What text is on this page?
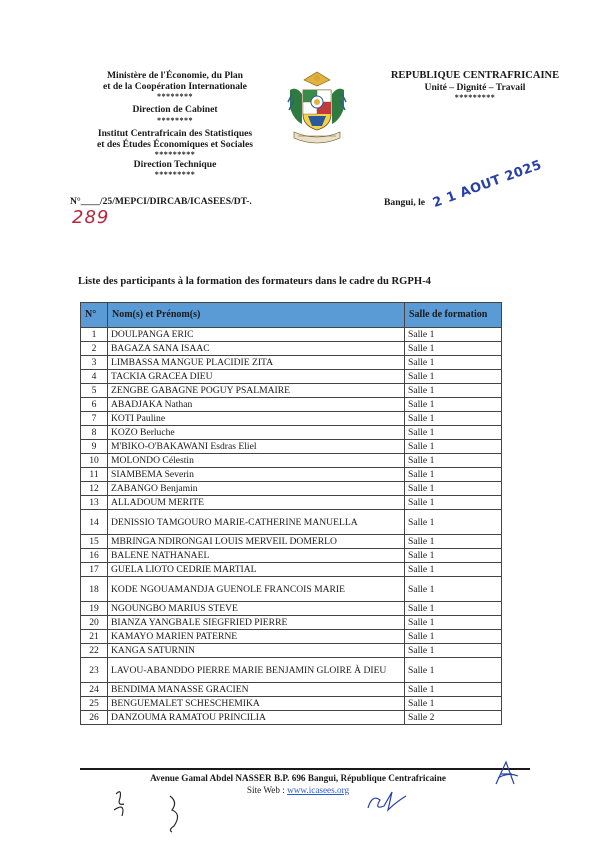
Ministère de l'Économie, du Plan
et de la Coopération Internationale
********
Direction de Cabinet
********
Institut Centrafricain des Statistiques
et des Études Économiques et Sociales
*********
Direction Technique
*********
REPUBLIQUE CENTRAFRICAINE
Unité – Dignité – Travail
*********
N°____/25/MEPCI/DIRCAB/ICASEES/DT-.
289
Bangui, le 2 1 AOUT 2025
Liste des participants à la formation des formateurs dans le cadre du RGPH-4
N°	Nom(s) et Prénom(s)	Salle de formation
1	DOULPANGA ERIC	Salle 1
2	BAGAZA SANA ISAAC	Salle 1
3	LIMBASSA MANGUE PLACIDIE ZITA	Salle 1
4	TACKIA GRACEA DIEU	Salle 1
5	ZENGBE GABAGNE POGUY PSALMAIRE	Salle 1
6	ABADJAKA Nathan	Salle 1
7	KOTI Pauline	Salle 1
8	KOZO Berluche	Salle 1
9	M'BIKO-O'BAKAWANI Esdras Eliel	Salle 1
10	MOLONDO Célestin	Salle 1
11	SIAMBEMA Severin	Salle 1
12	ZABANGO Benjamin	Salle 1
13	ALLADOUM MERITE	Salle 1
14	DENISSIO TAMGOURO MARIE-CATHERINE MANUELLA	Salle 1
15	MBRINGA NDIRONGAI LOUIS MERVEIL DOMERLO	Salle 1
16	BALENE NATHANAEL	Salle 1
17	GUELA LIOTO CEDRIE MARTIAL	Salle 1
18	KODE NGOUAMANDJA GUENOLE FRANCOIS MARIE	Salle 1
19	NGOUNGBO MARIUS STEVE	Salle 1
20	BIANZA YANGBALE SIEGFRIED PIERRE	Salle 1
21	KAMAYO MARIEN PATERNE	Salle 1
22	KANGA SATURNIN	Salle 1
23	LAVOU-ABANDDO PIERRE MARIE BENJAMIN GLOIRE À DIEU	Salle 1
24	BENDIMA MANASSE GRACIEN	Salle 1
25	BENGUEMALET SCHESCHEMIKA	Salle 1
26	DANZOUMA RAMATOU PRINCILIA	Salle 2
Avenue Gamal Abdel NASSER B.P. 696 Bangui, République Centrafricaine
Site Web : www.icasees.org
